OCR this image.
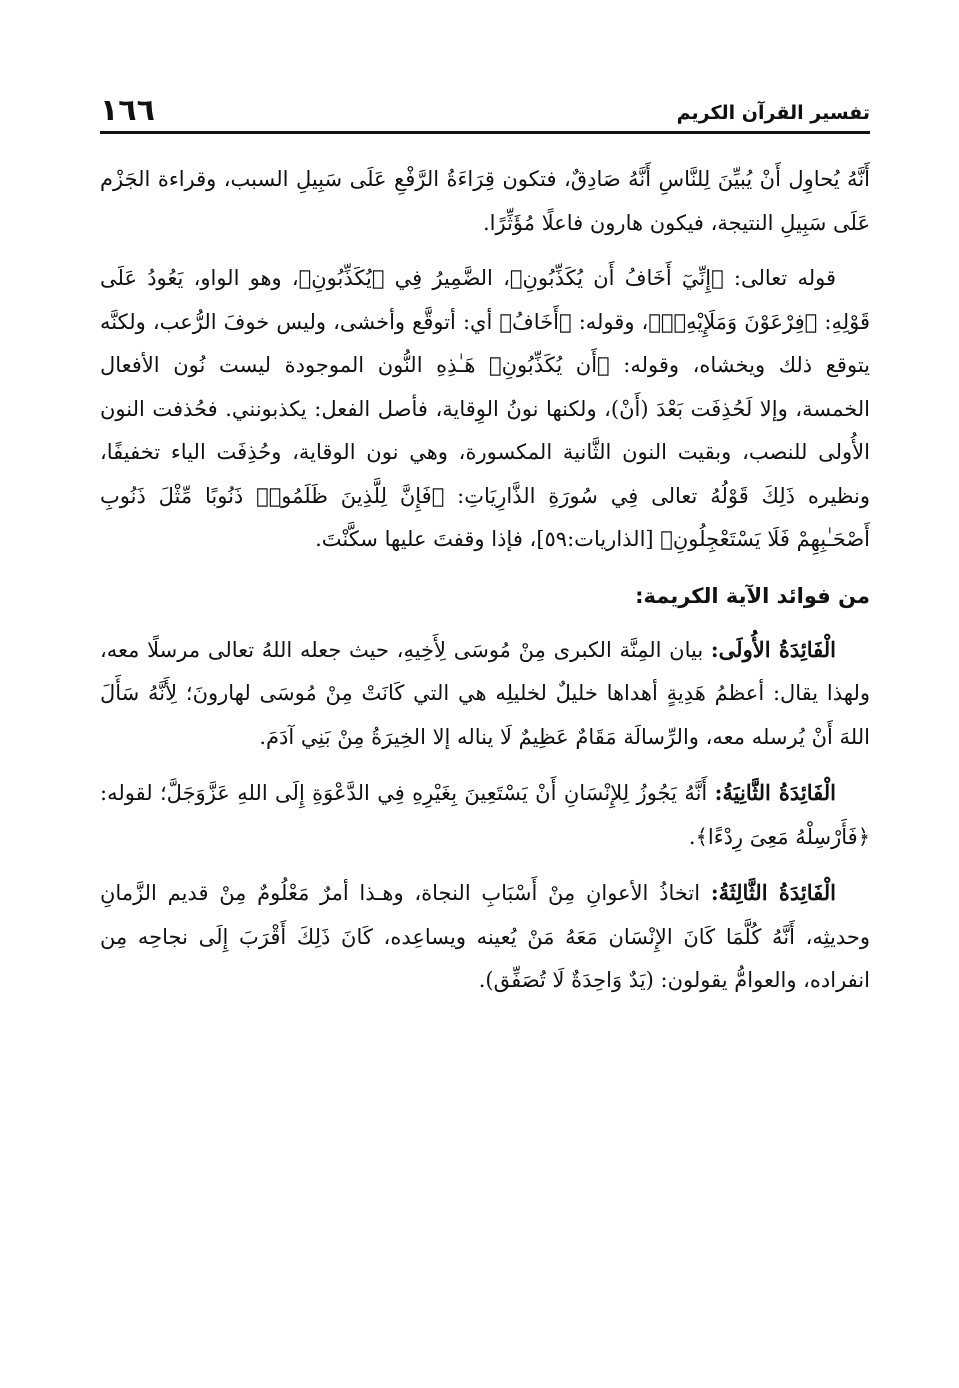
١٦٦	تفسير القرآن الكريم

أَنَّهُ يُحاوِل أَنْ يُبيِّنَ لِلنَّاسِ أَنَّهُ صَادِقٌ، فتكون قِرَاءَةُ الرَّفْعِ عَلَى سَبِيلِ السبب، وقراءة الجَزْم عَلَى سَبِيلِ النتيجة، فيكون هارون فاعلًا مُؤَثِّرًا.

قوله تعالى: ﴿إِنِّيٓ أَخَافُ أَن يُكَذِّبُونِ﴾، الضَّمِيرُ فِي ﴿يُكَذِّبُونِ﴾، وهو الواو، يَعُودُ عَلَى قَوْلِهِ: ﴿فِرْعَوْنَ وَمَلَإِيْهِۦٓ﴾، وقوله: ﴿أَخَافُ﴾ أي: أتوقَّع وأخشى، وليس خوفَ الرُّعب، ولكنَّه يتوقع ذلك ويخشاه، وقوله: ﴿أَن يُكَذِّبُونِ﴾ هَـٰذِهِ النُّون الموجودة ليست نُون الأفعال الخمسة، وإلا لَحُذِفَت بَعْدَ (أَنْ)، ولكنها نونُ الوِقاية، فأصل الفعل: يكذبونني. فحُذفت النون الأُولى للنصب، وبقيت النون الثَّانية المكسورة، وهي نون الوقاية، وحُذِفَت الياء تخفيفًا، ونظيره ذَلِكَ قَوْلُهُ تعالى فِي سُورَةِ الذَّارِيَاتِ: ﴿فَإِنَّ لِلَّذِينَ ظَلَمُوا۟ ذَنُوبًا مِّثْلَ ذَنُوبِ أَصْحَـٰبِهِمْ فَلَا يَسْتَعْجِلُونِ﴾ [الذاريات:٥٩]، فإذا وقفتَ عليها سكَّنْتَ.

من فوائد الآية الكريمة:

الْفَائِدَةُ الأُولَى: بيان المِنَّة الكبرى مِنْ مُوسَى لِأَخِيهِ، حيث جعله اللهُ تعالى مرسلًا معه، ولهذا يقال: أعظمُ هَدِيةٍ أهداها خليلٌ لخليلِه هي التي كَانَتْ مِنْ مُوسَى لهارونَ؛ لِأَنَّهُ سَأَلَ اللهَ أَنْ يُرسله معه، والرِّسالَة مَقَامٌ عَظِيمٌ لَا يناله إلا الخِيرَةُ مِنْ بَنِي آدَمَ.

الْفَائِدَةُ الثَّانِيَةُ: أَنَّهُ يَجُوزُ لِلإِنْسَانِ أَنْ يَسْتَعِينَ بِغَيْرِهِ فِي الدَّعْوَةِ إِلَى اللهِ عَزَّوَجَلَّ؛ لقوله: ﴿فَأَرْسِلْهُ مَعِىَ رِدْءًا﴾.

الْفَائِدَةُ الثَّالِثَةُ: اتخاذُ الأعوانِ مِنْ أَسْبَابِ النجاة، وهـذا أمرٌ مَعْلُومٌ مِنْ قديم الزَّمانِ وحديثِه، أَنَّهُ كُلَّمَا كَانَ الإِنْسَان مَعَهُ مَنْ يُعينه ويساعِده، كَانَ ذَلِكَ أَقْرَبَ إِلَى نجاحِه مِن انفراده، والعوامُّ يقولون: (يَدٌ وَاحِدَةٌ لَا تُصَفِّق).
